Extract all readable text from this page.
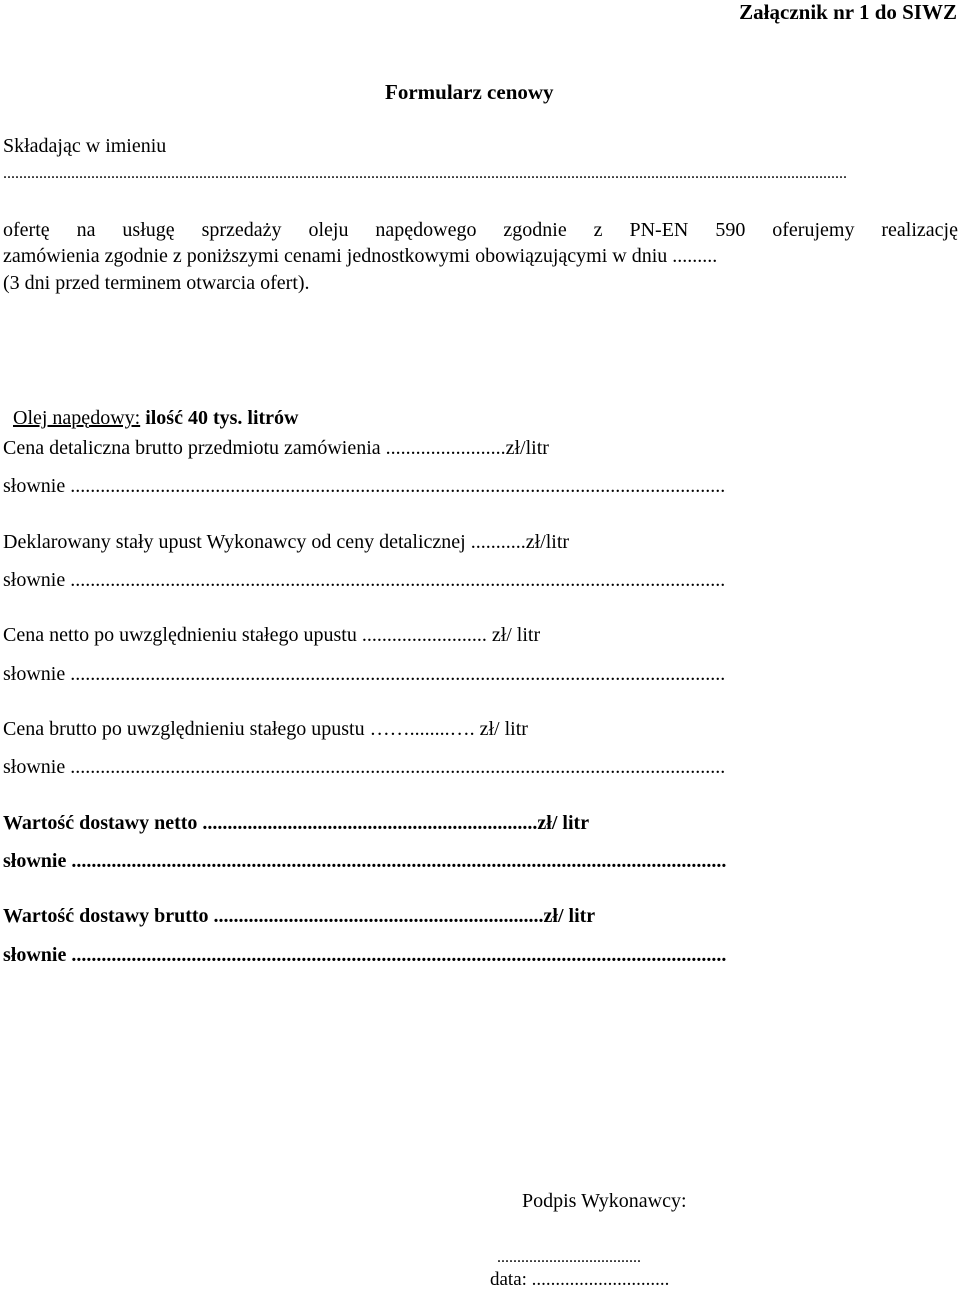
Załącznik nr 1 do SIWZ
Formularz cenowy
Składając w imieniu
...................................................................................................................................................................................................................
ofertę na usługę sprzedaży oleju napędowego zgodnie z PN-EN 590 oferujemy realizację
zamówienia zgodnie z poniższymi cenami jednostkowymi obowiązującymi w dniu .........
(3 dni przed terminem otwarcia ofert).

Olej napędowy: ilość 40 tys. litrów

Cena detaliczna brutto przedmiotu zamówienia ........................zł/litr
słownie ...................................................................................................................................
Deklarowany stały upust Wykonawcy od ceny detalicznej ...........zł/litr
słownie ...................................................................................................................................
Cena netto po uwzględnieniu stałego upustu ......................... zł/ litr
słownie ...................................................................................................................................
Cena brutto po uwzględnieniu stałego upustu ……........…. zł/ litr
słownie ...................................................................................................................................
Wartość dostawy netto ...................................................................zł/ litr
słownie ...................................................................................................................................
Wartość dostawy brutto ..................................................................zł/ litr
słownie ...................................................................................................................................
Podpis Wykonawcy:
....................................
data: .............................
